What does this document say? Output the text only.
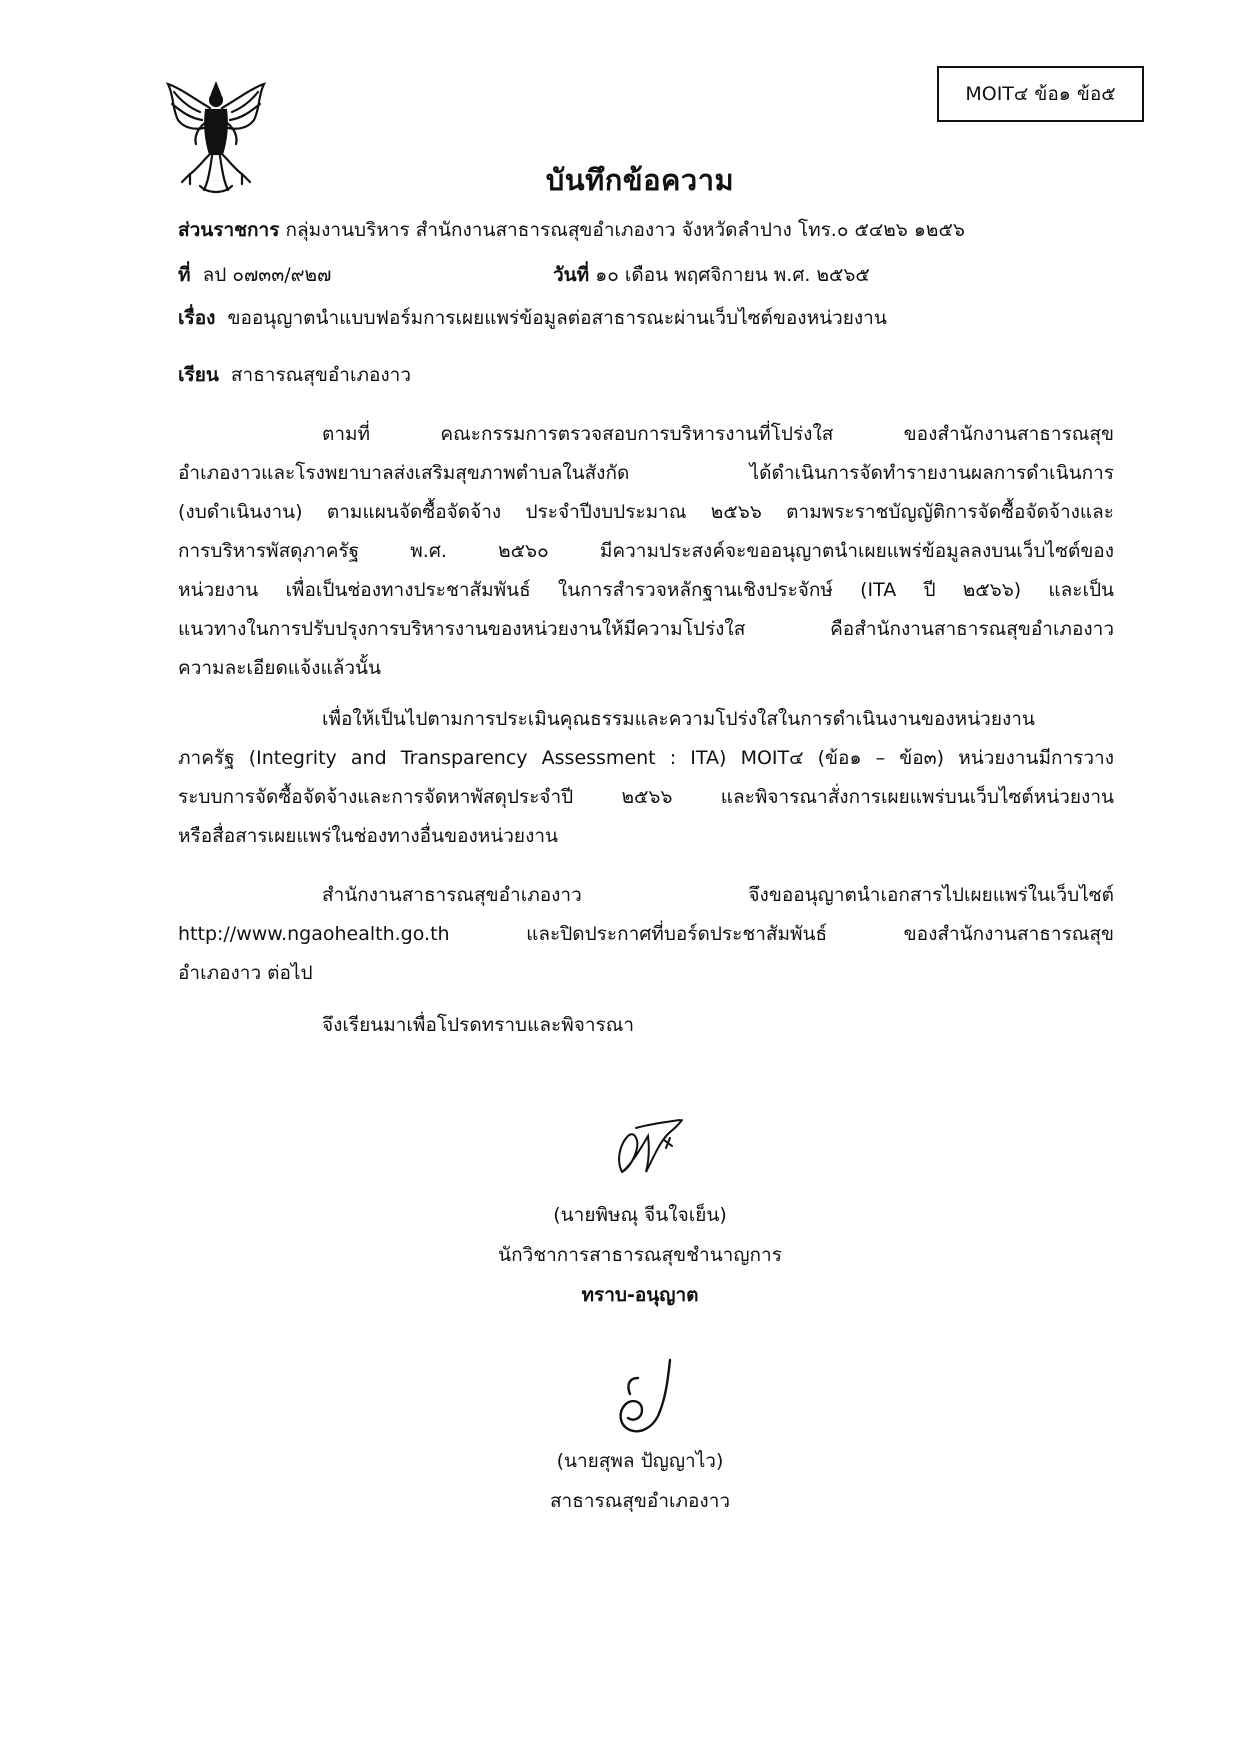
MOIT๔ ข้อ๑ ข้อ๕
บันทึกข้อความ
ส่วนราชการ กลุ่มงานบริหาร สำนักงานสาธารณสุขอำเภองาว จังหวัดลำปาง โทร.๐ ๕๔๒๖ ๑๒๕๖
ที่ ลป ๐๗๓๓/๙๒๗	วันที่ ๑๐ เดือน พฤศจิกายน พ.ศ. ๒๕๖๕
เรื่อง ขออนุญาตนำแบบฟอร์มการเผยแพร่ข้อมูลต่อสาธารณะผ่านเว็บไซต์ของหน่วยงาน
เรียน สาธารณสุขอำเภองาว
ตามที่ คณะกรรมการตรวจสอบการบริหารงานที่โปร่งใส ของสำนักงานสาธารณสุข
อำเภองาวและโรงพยาบาลส่งเสริมสุขภาพตำบลในสังกัด ได้ดำเนินการจัดทำรายงานผลการดำเนินการ
(งบดำเนินงาน) ตามแผนจัดซื้อจัดจ้าง ประจำปีงบประมาณ ๒๕๖๖ ตามพระราชบัญญัติการจัดซื้อจัดจ้างและ
การบริหารพัสดุภาครัฐ พ.ศ. ๒๕๖๐ มีความประสงค์จะขออนุญาตนำเผยแพร่ข้อมูลลงบนเว็บไซต์ของ
หน่วยงาน เพื่อเป็นช่องทางประชาสัมพันธ์ ในการสำรวจหลักฐานเชิงประจักษ์ (ITA ปี ๒๕๖๖) และเป็น
แนวทางในการปรับปรุงการบริหารงานของหน่วยงานให้มีความโปร่งใส คือสำนักงานสาธารณสุขอำเภองาว
ความละเอียดแจ้งแล้วนั้น
เพื่อให้เป็นไปตามการประเมินคุณธรรมและความโปร่งใสในการดำเนินงานของหน่วยงาน
ภาครัฐ (Integrity and Transparency Assessment : ITA) MOIT๔ (ข้อ๑ – ข้อ๓) หน่วยงานมีการวาง
ระบบการจัดซื้อจัดจ้างและการจัดหาพัสดุประจำปี ๒๕๖๖ และพิจารณาสั่งการเผยแพร่บนเว็บไซต์หน่วยงาน
หรือสื่อสารเผยแพร่ในช่องทางอื่นของหน่วยงาน
สำนักงานสาธารณสุขอำเภองาว จึงขออนุญาตนำเอกสารไปเผยแพร่ในเว็บไซต์
http://www.ngaohealth.go.th และปิดประกาศที่บอร์ดประชาสัมพันธ์ ของสำนักงานสาธารณสุข
อำเภองาว ต่อไป
จึงเรียนมาเพื่อโปรดทราบและพิจารณา
(นายพิษณุ จีนใจเย็น)
นักวิชาการสาธารณสุขชำนาญการ
ทราบ-อนุญาต
(นายสุพล ปัญญาไว)
สาธารณสุขอำเภองาว
